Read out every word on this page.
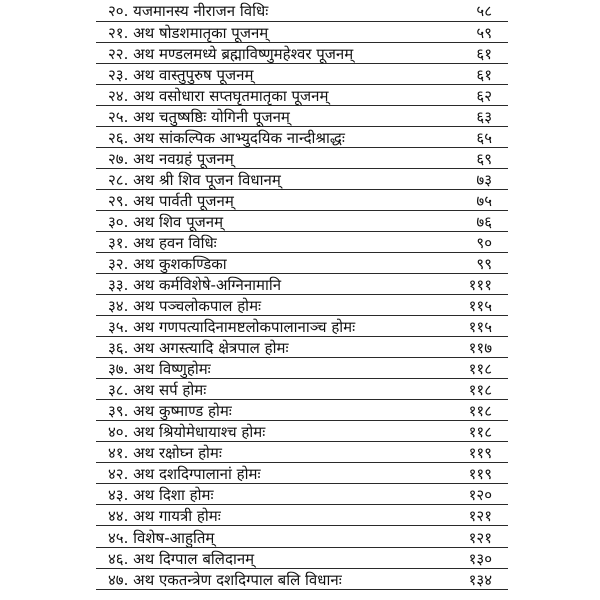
२०. यजमानस्य नीराजन विधिः	५८
२१. अथ षोडशमातृका पूजनम्	५९
२२. अथ मण्डलमध्ये ब्रह्माविष्णुमहेश्वर पूजनम्	६१
२३. अथ वास्तुपुरुष पूजनम्	६१
२४. अथ वसोधारा सप्तघृतमातृका पूजनम्	६२
२५. अथ चतुष्षष्ठिः योगिनी पूजनम्	६३
२६. अथ सांकल्पिक आभ्युदयिक नान्दीश्राद्धः	६५
२७. अथ नवग्रहं पूजनम्	६९
२८. अथ श्री शिव पूजन विधानम्	७३
२९. अथ पार्वती पूजनम्	७५
३०. अथ शिव पूजनम्	७६
३१. अथ हवन विधिः	९०
३२. अथ कुशकण्डिका	९९
३३. अथ कर्मविशेषे-अग्निनामानि	१११
३४. अथ पञ्चलोकपाल होमः	११५
३५. अथ गणपत्यादिनामष्टलोकपालानाञ्च होमः	११५
३६. अथ अगस्त्यादि क्षेत्रपाल होमः	११७
३७. अथ विष्णुहोमः	११८
३८. अथ सर्प होमः	११८
३९. अथ कुष्माण्ड होमः	११८
४०. अथ श्रियोमेधायाश्च होमः	११८
४१. अथ रक्षोघ्न होमः	११९
४२. अथ दशदिग्पालानां होमः	११९
४३. अथ दिशा होमः	१२०
४४. अथ गायत्री होमः	१२१
४५. विशेष-आहुतिम्	१२१
४६. अथ दिग्पाल बलिदानम्	१३०
४७. अथ एकतन्त्रेण दशदिग्पाल बलि विधानः	१३४
